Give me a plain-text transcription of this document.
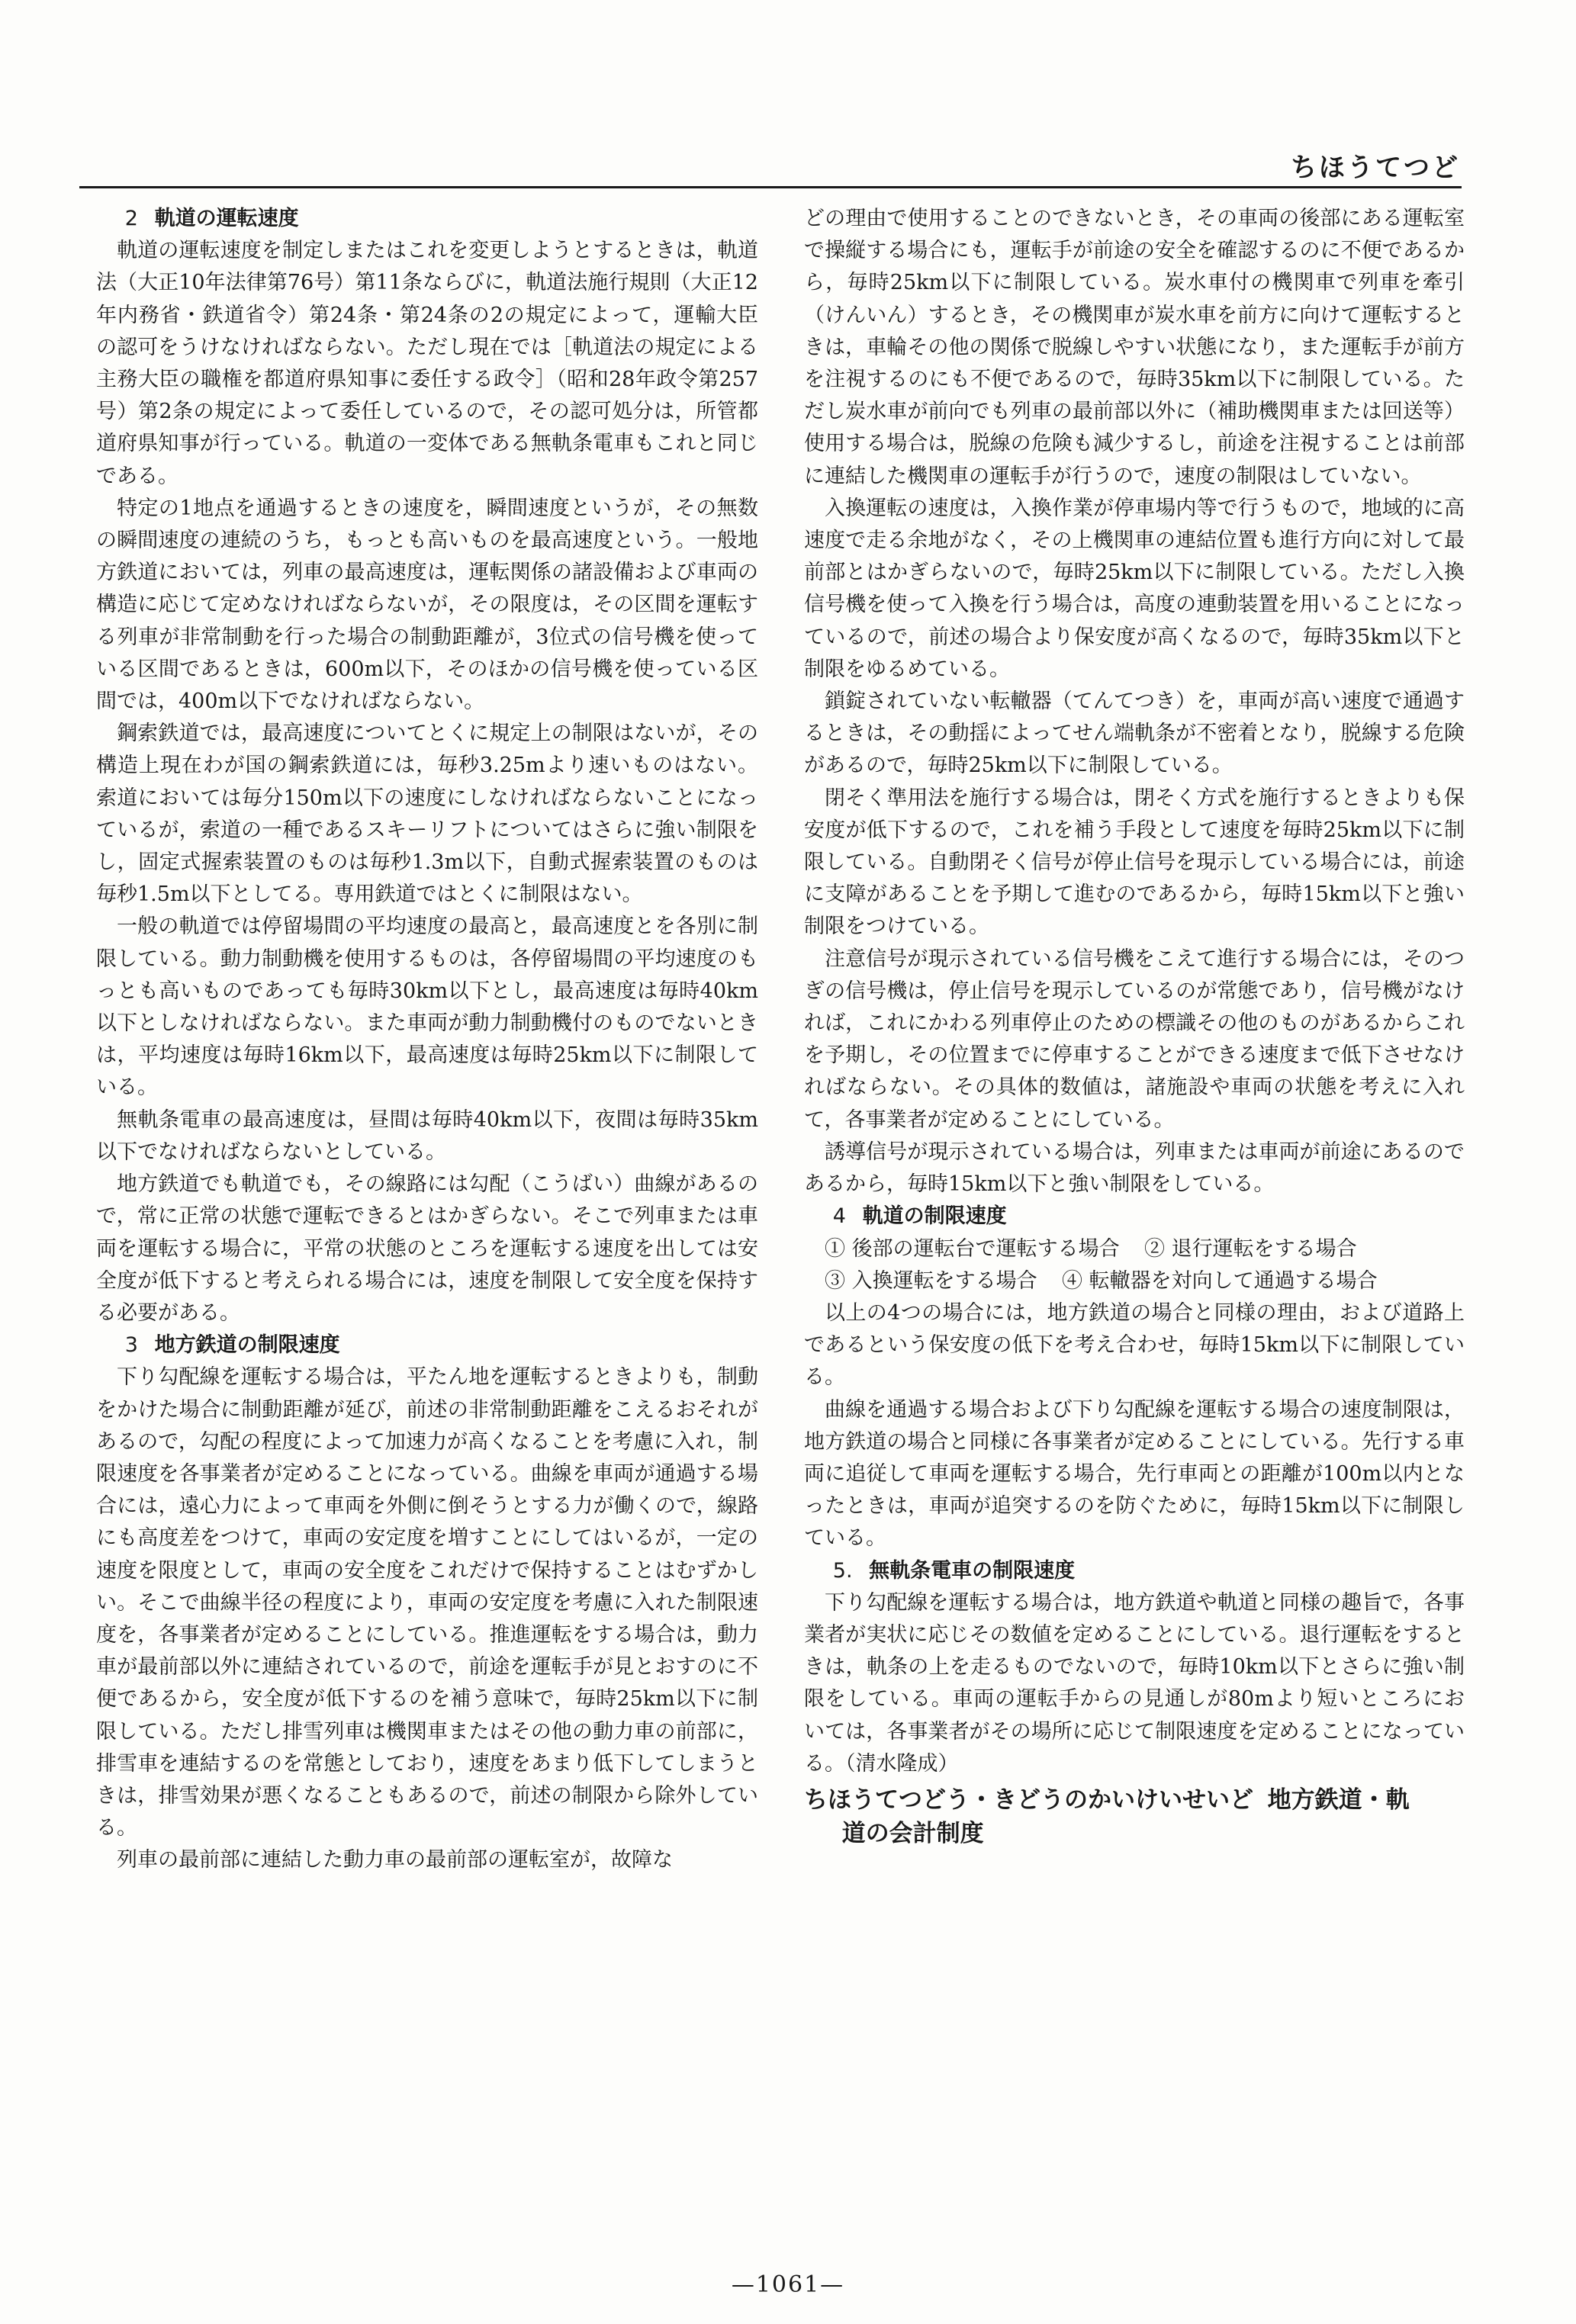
ちほうてつど
2 軌道の運転速度

軌道の運転速度を制定しまたはこれを変更しようとするときは，軌道法（大正10年法律第76号）第11条ならびに，軌道法施行規則（大正12年内務省・鉄道省令）第24条・第24条の2の規定によって，運輸大臣の認可をうけなければならない。ただし現在では［軌道法の規定による主務大臣の職権を都道府県知事に委任する政令］（昭和28年政令第257号）第2条の規定によって委任しているので，その認可処分は，所管都道府県知事が行っている。軌道の一変体である無軌条電車もこれと同じである。

特定の1地点を通過するときの速度を，瞬間速度というが，その無数の瞬間速度の連続のうち，もっとも高いものを最高速度という。一般地方鉄道においては，列車の最高速度は，運転関係の諸設備および車両の構造に応じて定めなければならないが，その限度は，その区間を運転する列車が非常制動を行った場合の制動距離が，3位式の信号機を使っている区間であるときは，600m以下，そのほかの信号機を使っている区間では，400m以下でなければならない。

鋼索鉄道では，最高速度についてとくに規定上の制限はないが，その構造上現在わが国の鋼索鉄道には，毎秒3.25mより速いものはない。索道においては毎分150m以下の速度にしなければならないことになっているが，索道の一種であるスキーリフトについてはさらに強い制限をし，固定式握索装置のものは毎秒1.3m以下，自動式握索装置のものは毎秒1.5m以下としてる。専用鉄道ではとくに制限はない。

一般の軌道では停留場間の平均速度の最高と，最高速度とを各別に制限している。動力制動機を使用するものは，各停留場間の平均速度のもっとも高いものであっても毎時30km以下とし，最高速度は毎時40km以下としなければならない。また車両が動力制動機付のものでないときは，平均速度は毎時16km以下，最高速度は毎時25km以下に制限している。

無軌条電車の最高速度は，昼間は毎時40km以下，夜間は毎時35km以下でなければならないとしている。

地方鉄道でも軌道でも，その線路には勾配（こうばい）曲線があるので，常に正常の状態で運転できるとはかぎらない。そこで列車または車両を運転する場合に，平常の状態のところを運転する速度を出しては安全度が低下すると考えられる場合には，速度を制限して安全度を保持する必要がある。

3 地方鉄道の制限速度

下り勾配線を運転する場合は，平たん地を運転するときよりも，制動をかけた場合に制動距離が延び，前述の非常制動距離をこえるおそれがあるので，勾配の程度によって加速力が高くなることを考慮に入れ，制限速度を各事業者が定めることになっている。曲線を車両が通過する場合には，遠心力によって車両を外側に倒そうとする力が働くので，線路にも高度差をつけて，車両の安定度を増すことにしてはいるが，一定の速度を限度として，車両の安全度をこれだけで保持することはむずかしい。そこで曲線半径の程度により，車両の安定度を考慮に入れた制限速度を，各事業者が定めることにしている。推進運転をする場合は，動力車が最前部以外に連結されているので，前途を運転手が見とおすのに不便であるから，安全度が低下するのを補う意味で，毎時25km以下に制限している。ただし排雪列車は機関車またはその他の動力車の前部に，排雪車を連結するのを常態としており，速度をあまり低下してしまうときは，排雪効果が悪くなることもあるので，前述の制限から除外している。

列車の最前部に連結した動力車の最前部の運転室が，故障な

どの理由で使用することのできないとき，その車両の後部にある運転室で操縦する場合にも，運転手が前途の安全を確認するのに不便であるから，毎時25km以下に制限している。炭水車付の機関車で列車を牽引（けんいん）するとき，その機関車が炭水車を前方に向けて運転するときは，車輪その他の関係で脱線しやすい状態になり，また運転手が前方を注視するのにも不便であるので，毎時35km以下に制限している。ただし炭水車が前向でも列車の最前部以外に（補助機関車または回送等）使用する場合は，脱線の危険も減少するし，前途を注視することは前部に連結した機関車の運転手が行うので，速度の制限はしていない。

入換運転の速度は，入換作業が停車場内等で行うもので，地域的に高速度で走る余地がなく，その上機関車の連結位置も進行方向に対して最前部とはかぎらないので，毎時25km以下に制限している。ただし入換信号機を使って入換を行う場合は，高度の連動装置を用いることになっているので，前述の場合より保安度が高くなるので，毎時35km以下と制限をゆるめている。

鎖錠されていない転轍器（てんてつき）を，車両が高い速度で通過するときは，その動揺によってせん端軌条が不密着となり，脱線する危険があるので，毎時25km以下に制限している。

閉そく準用法を施行する場合は，閉そく方式を施行するときよりも保安度が低下するので，これを補う手段として速度を毎時25km以下に制限している。自動閉そく信号が停止信号を現示している場合には，前途に支障があることを予期して進むのであるから，毎時15km以下と強い制限をつけている。

注意信号が現示されている信号機をこえて進行する場合には，そのつぎの信号機は，停止信号を現示しているのが常態であり，信号機がなければ，これにかわる列車停止のための標識その他のものがあるからこれを予期し，その位置までに停車することができる速度まで低下させなければならない。その具体的数値は，諸施設や車両の状態を考えに入れて，各事業者が定めることにしている。

誘導信号が現示されている場合は，列車または車両が前途にあるのであるから，毎時15km以下と強い制限をしている。

4 軌道の制限速度
① 後部の運転台で運転する場合 ② 退行運転をする場合③ 入換運転をする場合 ④ 転轍器を対向して通過する場合

以上の4つの場合には，地方鉄道の場合と同様の理由，および道路上であるという保安度の低下を考え合わせ，毎時15km以下に制限している。

曲線を通過する場合および下り勾配線を運転する場合の速度制限は，地方鉄道の場合と同様に各事業者が定めることにしている。先行する車両に追従して車両を運転する場合，先行車両との距離が100m以内となったときは，車両が追突するのを防ぐために，毎時15km以下に制限している。

5. 無軌条電車の制限速度

下り勾配線を運転する場合は，地方鉄道や軌道と同様の趣旨で，各事業者が実状に応じその数値を定めることにしている。退行運転をするときは，軌条の上を走るものでないので，毎時10km以下とさらに強い制限をしている。車両の運転手からの見通しが80mより短いところにおいては，各事業者がその場所に応じて制限速度を定めることになっている。（清水隆成）

ちほうてつどう・きどうのかいけいせいど 地方鉄道・軌
道の会計制度
—1061—
